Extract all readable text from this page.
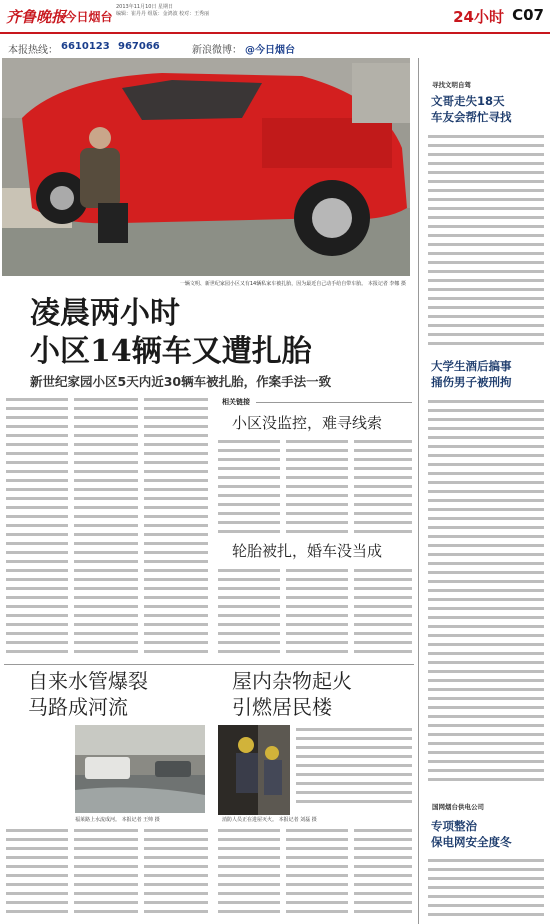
齐鲁晚报
·今日烟台
2013年11月10日 星期日
编辑：崔丹丹 组版：金鸿波 校对：王秀丽	24小时 C07
本报热线： 6610123 967066	新浪微博： @今日烟台
一辆文明、新世纪家园小区又有14辆私家车被扎胎，因为最近自己动手给自带车胎。 本报记者 李娜 摄
凌晨两小时
小区14辆车又遭扎胎
新世纪家园小区5天内近30辆车被扎胎，作案手法一致
相关链接
小区没监控，难寻线索
轮胎被扎，婚车没当成
自来水管爆裂
马路成河流
福莱路上水流成河。 本报记者 王帅 摄
屋内杂物起火
引燃居民楼
消防人员正在进屋灭火。 本报记者 刘磊 摄
寻找文明自驾
文哥走失18天
车友会帮忙寻找
大学生酒后搞事
捅伤男子被刑拘
国网烟台供电公司
专项整治
保电网安全度冬
